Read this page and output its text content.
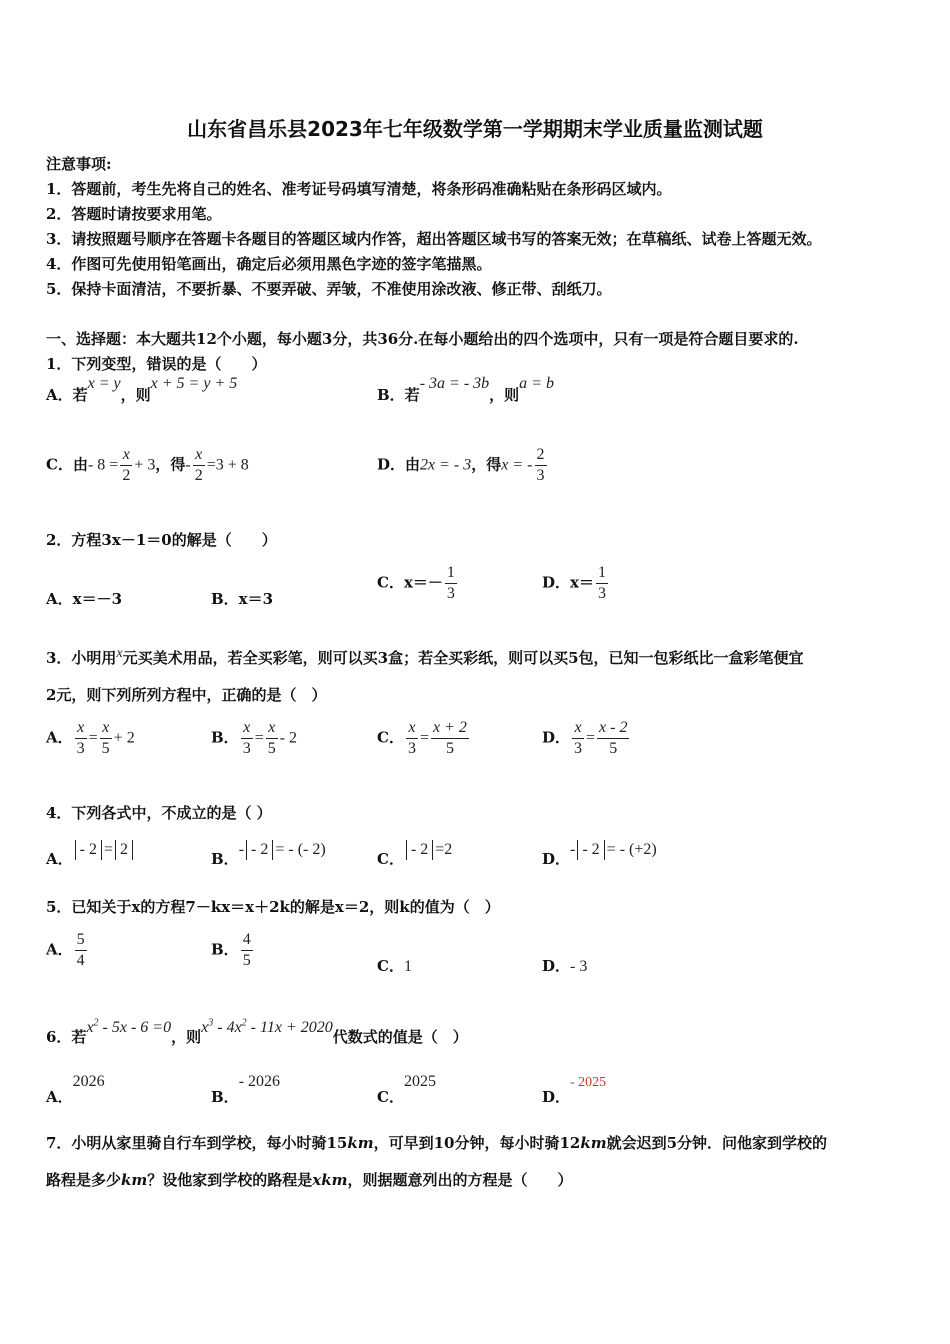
山东省昌乐县2023年七年级数学第一学期期末学业质量监测试题
注意事项:
1．答题前，考生先将自己的姓名、准考证号码填写清楚，将条形码准确粘贴在条形码区域内。
2．答题时请按要求用笔。
3．请按照题号顺序在答题卡各题目的答题区域内作答，超出答题区域书写的答案无效；在草稿纸、试卷上答题无效。
4．作图可先使用铅笔画出，确定后必须用黑色字迹的签字笔描黑。
5．保持卡面清洁，不要折暴、不要弄破、弄皱，不准使用涂改液、修正带、刮纸刀。
一、选择题：本大题共12个小题，每小题3分，共36分.在每小题给出的四个选项中，只有一项是符合题目要求的.
1．下列变型，错误的是（　　）
A．若x = y，则x + 5 = y + 5
B．若- 3a = - 3b，则a = b
C．由- $8 = \frac{x}{2} + 3$，得- $\frac{x}{2} =3 + 8$	D．由2x = - 3，得x = - $\frac{2}{3}$
2．方程3x－1＝0的解是（　　）
A．x＝－3	B．x＝3
C．$x=- \frac{1}{3}$	D．$x= \frac{1}{3}$
3．小明用x元买美术用品，若全买彩笔，则可以买3盒；若全买彩纸，则可以买5包，已知一包彩纸比一盒彩笔便宜
2元，则下列所列方程中，正确的是（　）
A． $\frac{x}{3} = \frac{x}{5} + 2$	B． $\frac{x}{3} = \frac{x}{5} - 2$	C． $\frac{x}{3} = \frac{x + 2}{5}$	D． $\frac{x}{3} = \frac{x - 2}{5}$
4．下列各式中，不成立的是（ ）
A．- 2 = 2
B．- - 2 = - (- 2)
C．- 2 =2
D．- - 2 = - (+2)
5．已知关于x的方程7－kx＝x＋2k的解是x＝2，则k的值为（　）
A． $\frac{5}{4}$	B． $\frac{4}{5}$	C．1	D．- 3
6．若$x^2 - 5x - 6 =0$，则$x^3 - 4x^2 - 11x + 2020$代数式的值是（　）
A．2026
B．- 2026
C．2025
D．- 2025
7．小明从家里骑自行车到学校，每小时骑15km，可早到10分钟，每小时骑12km就会迟到5分钟．问他家到学校的
路程是多少km？设他家到学校的路程是xkm，则据题意列出的方程是（　　）
